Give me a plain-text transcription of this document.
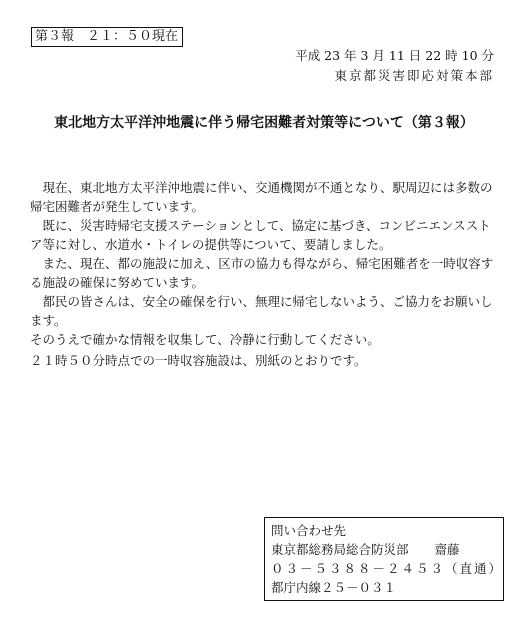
第３報　２１：５０現在
平成 23 年 3 月 11 日 22 時 10 分
東京都災害即応対策本部
東北地方太平洋沖地震に伴う帰宅困難者対策等について（第３報）

現在、東北地方太平洋沖地震に伴い、交通機関が不通となり、駅周辺には多数の帰宅困難者が発生しています。

既に、災害時帰宅支援ステーションとして、協定に基づき、コンビニエンスストア等に対し、水道水・トイレの提供等について、要請しました。

また、現在、都の施設に加え、区市の協力も得ながら、帰宅困難者を一時収容する施設の確保に努めています。

都民の皆さんは、安全の確保を行い、無理に帰宅しないよう、ご協力をお願いします。

そのうえで確かな情報を収集して、冷静に行動してください。

２１時５０分時点での一時収容施設は、別紙のとおりです。
問い合わせ先
東京都総務局総合防災部 齋藤
０３－５３８８－２４５３（直通）
都庁内線２５－０３１
